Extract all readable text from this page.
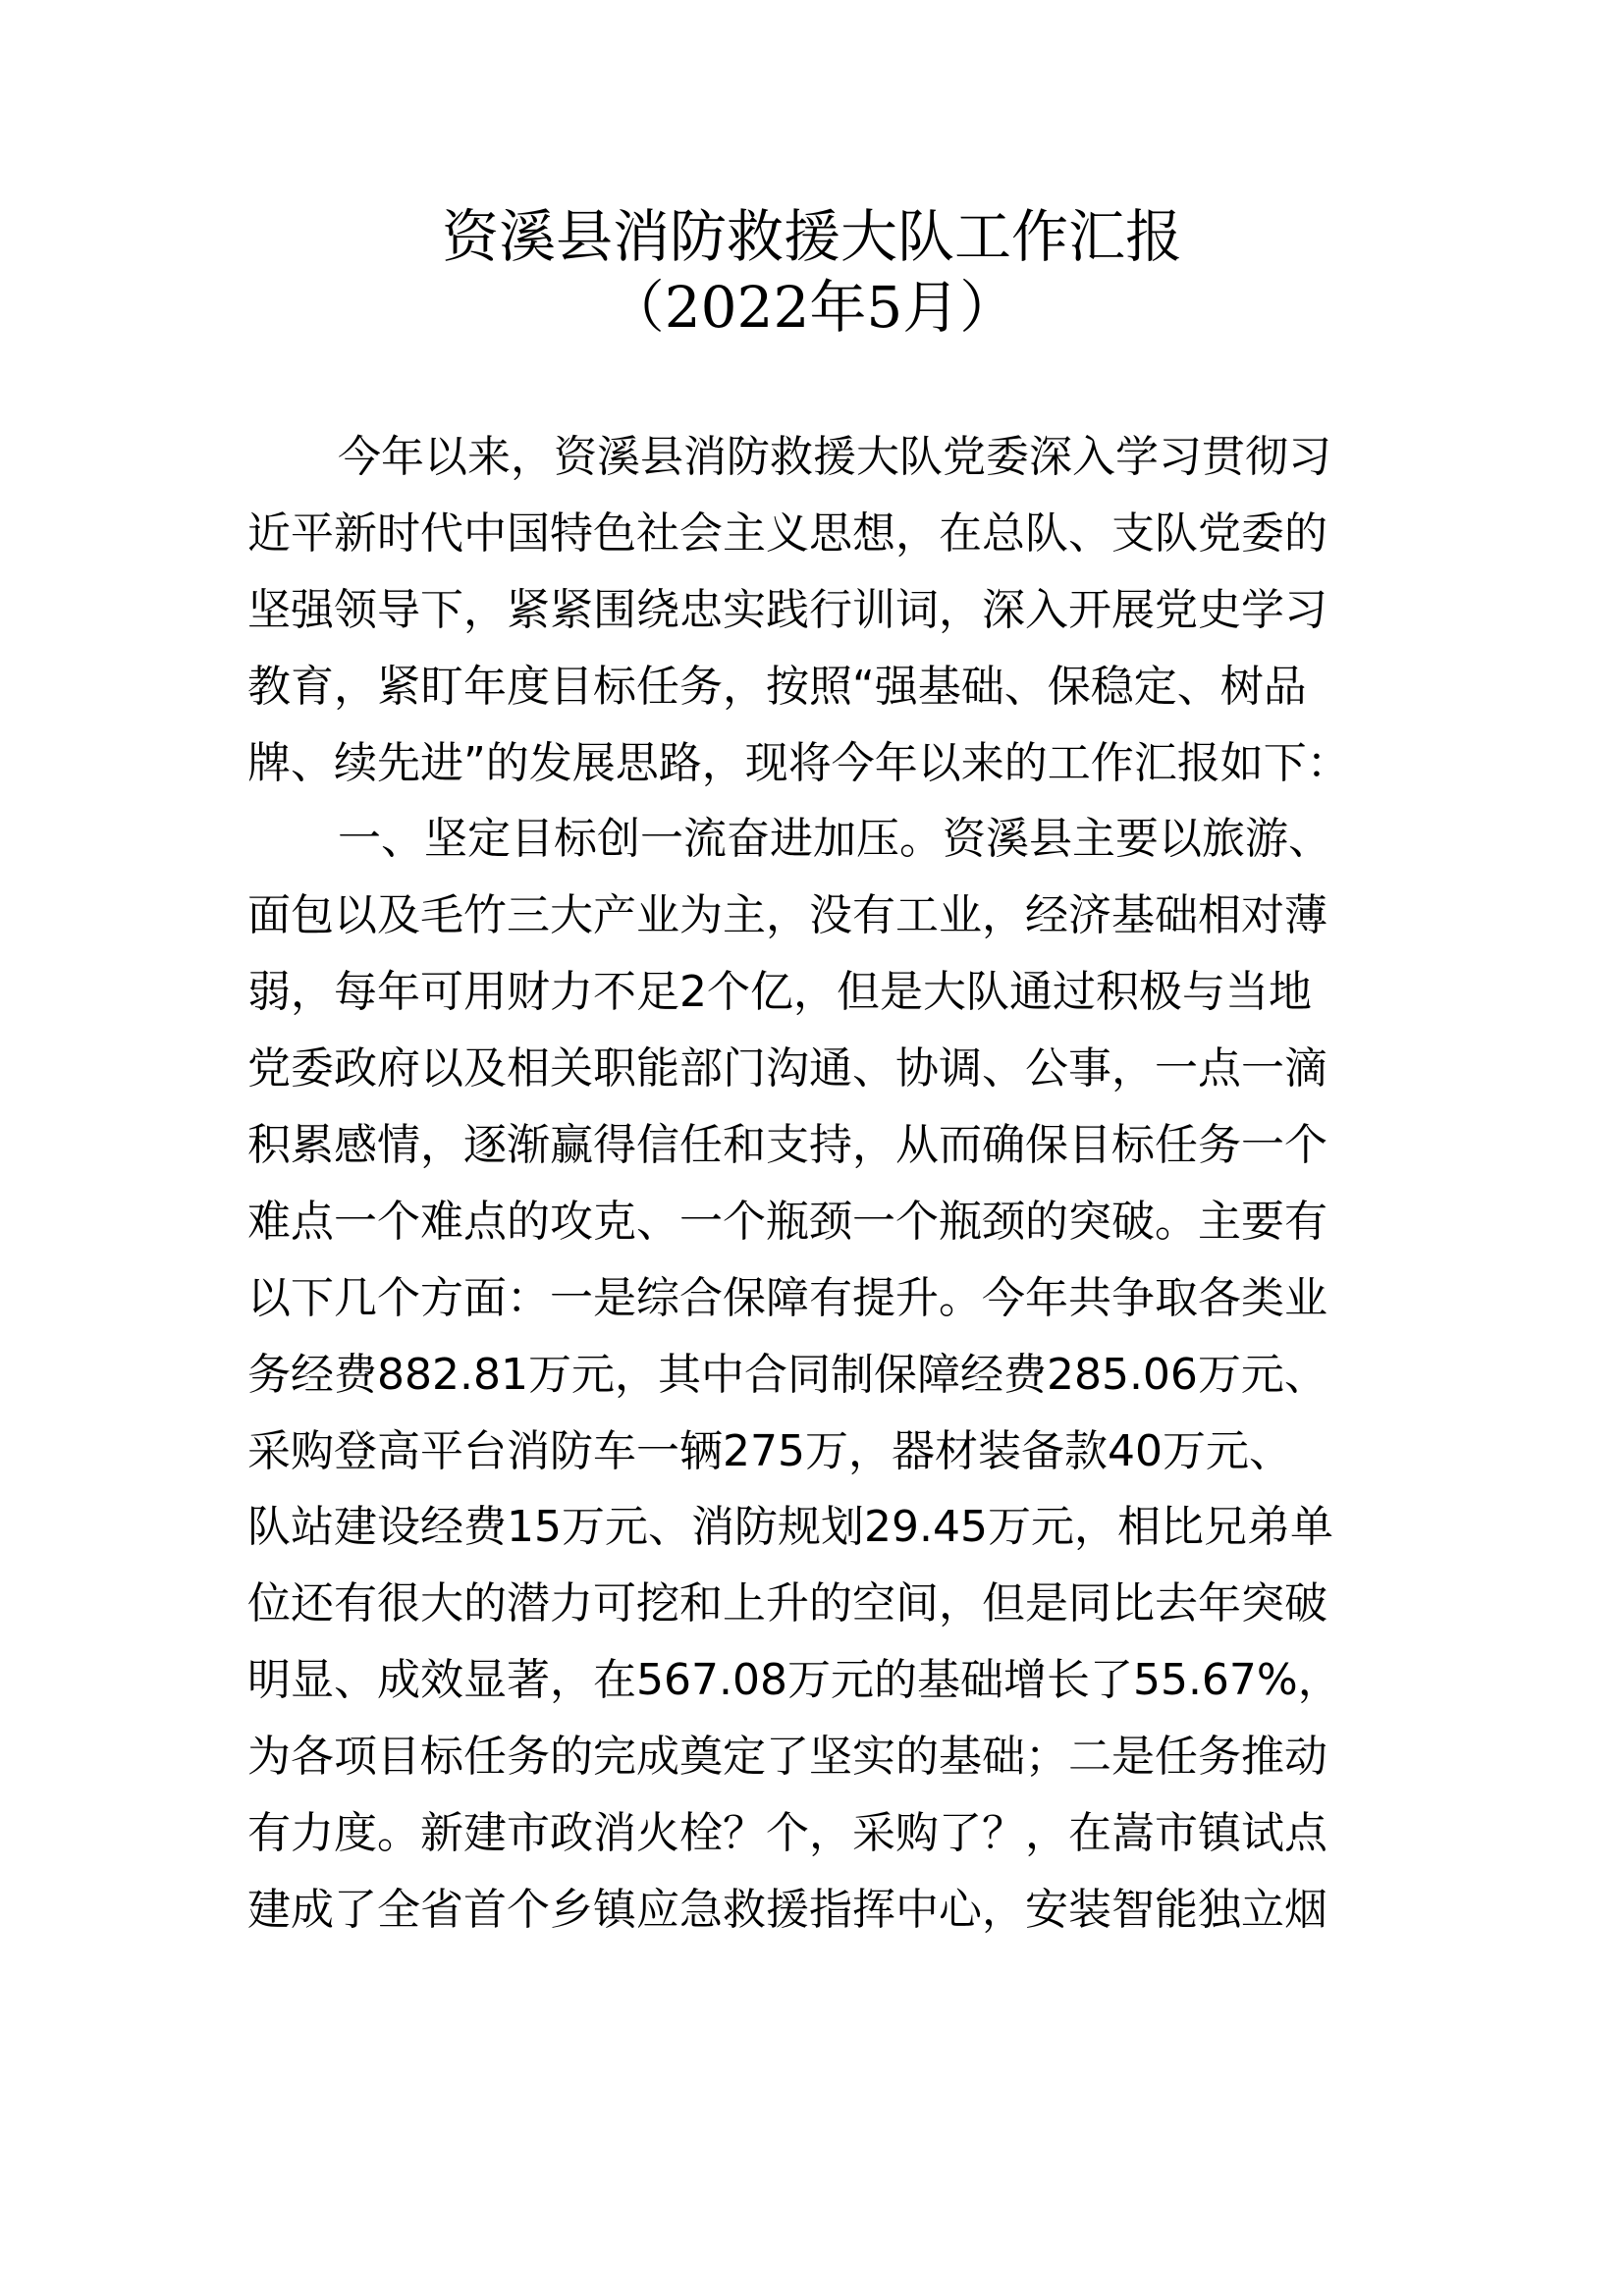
资溪县消防救援大队工作汇报
（2022年5月）
今年以来，资溪县消防救援大队党委深入学习贯彻习
近平新时代中国特色社会主义思想，在总队、支队党委的
坚强领导下，紧紧围绕忠实践行训词，深入开展党史学习
教育，紧盯年度目标任务，按照“强基础、保稳定、树品
牌、续先进”的发展思路，现将今年以来的工作汇报如下：
一、坚定目标创一流奋进加压。资溪县主要以旅游、
面包以及毛竹三大产业为主，没有工业，经济基础相对薄
弱，每年可用财力不足2个亿，但是大队通过积极与当地
党委政府以及相关职能部门沟通、协调、公事，一点一滴
积累感情，逐渐赢得信任和支持，从而确保目标任务一个
难点一个难点的攻克、一个瓶颈一个瓶颈的突破。主要有
以下几个方面：一是综合保障有提升。今年共争取各类业
务经费882.81万元，其中合同制保障经费285.06万元、
采购登高平台消防车一辆275万，器材装备款40万元、
队站建设经费15万元、消防规划29.45万元，相比兄弟单
位还有很大的潜力可挖和上升的空间，但是同比去年突破
明显、成效显著，在567.08万元的基础增长了55.67%，
为各项目标任务的完成奠定了坚实的基础；二是任务推动
有力度。新建市政消火栓？个，采购了？，在嵩市镇试点
建成了全省首个乡镇应急救援指挥中心，安装智能独立烟
